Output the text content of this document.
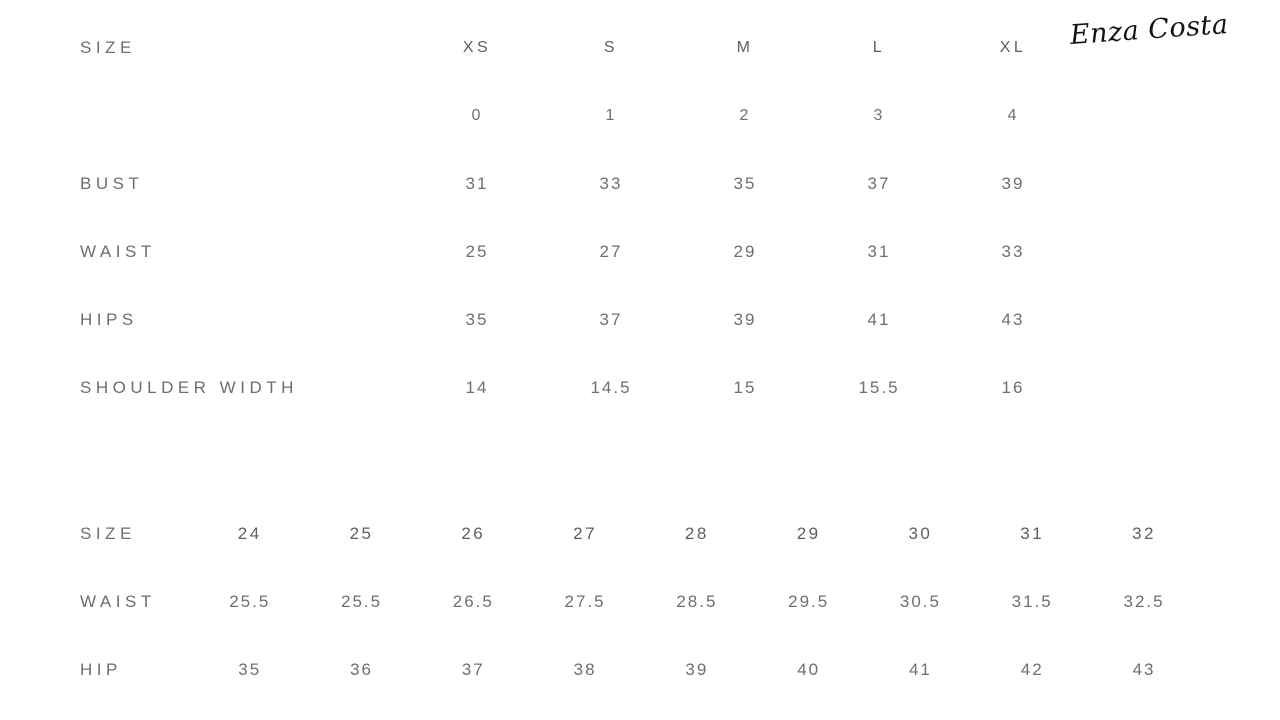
Enza Costa
SIZE	XS	S	M	L	XL
	0	1	2	3	4
BUST	31	33	35	37	39
WAIST	25	27	29	31	33
HIPS	35	37	39	41	43
SHOULDER WIDTH	14	14.5	15	15.5	16
SIZE	24	25	26	27	28	29	30	31	32
WAIST	25.5	25.5	26.5	27.5	28.5	29.5	30.5	31.5	32.5
HIP	35	36	37	38	39	40	41	42	43
